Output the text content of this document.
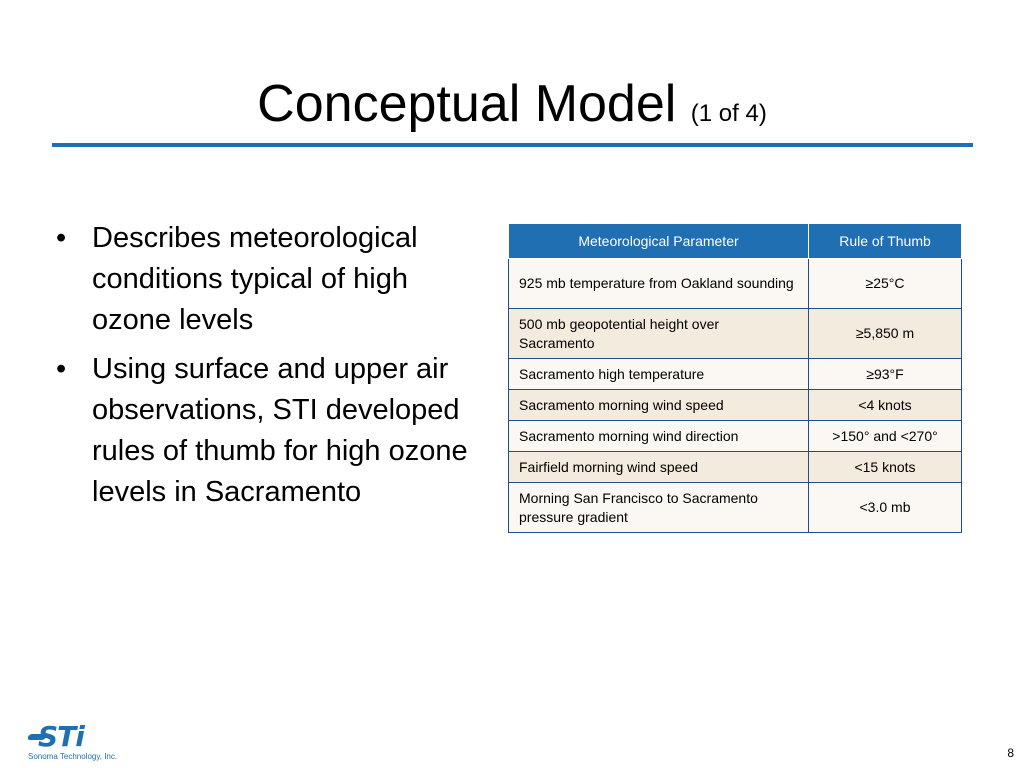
Conceptual Model (1 of 4)
• Describes meteorological conditions typical of high ozone levels
• Using surface and upper air observations, STI developed rules of thumb for high ozone levels in Sacramento
Meteorological Parameter	Rule of Thumb
925 mb temperature from Oakland sounding	≥25°C
500 mb geopotential height over Sacramento	≥5,850 m
Sacramento high temperature	≥93°F
Sacramento morning wind speed	<4 knots
Sacramento morning wind direction	>150° and <270°
Fairfield morning wind speed	<15 knots
Morning San Francisco to Sacramento pressure gradient	<3.0 mb
STi
Sonoma Technology, Inc.	8
